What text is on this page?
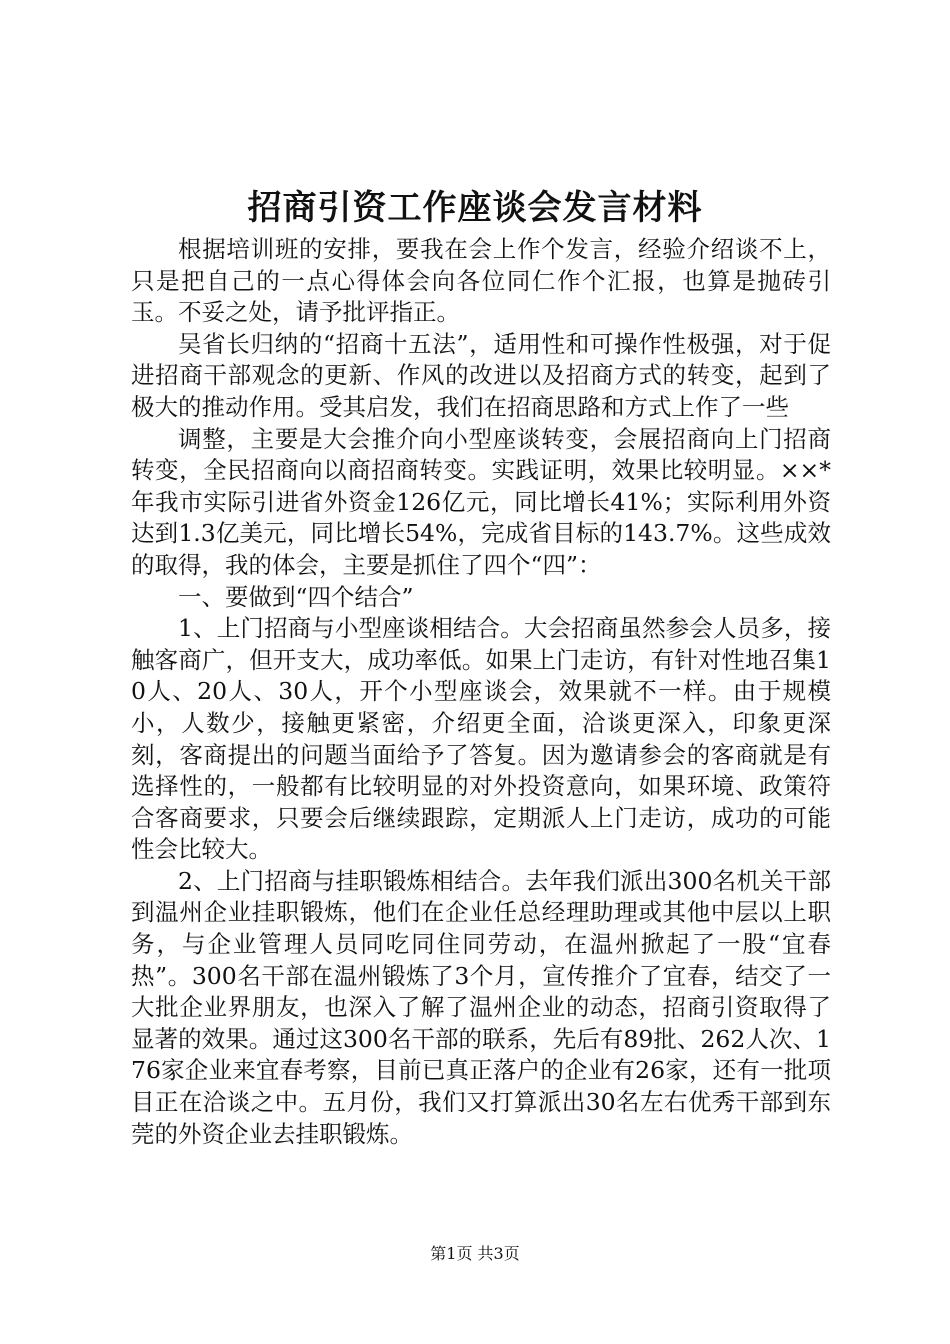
招商引资工作座谈会发言材料

根据培训班的安排，要我在会上作个发言，经验介绍谈不上，只是把自己的一点心得体会向各位同仁作个汇报，也算是抛砖引玉。不妥之处，请予批评指正。

吴省长归纳的“招商十五法”，适用性和可操作性极强，对于促进招商干部观念的更新、作风的改进以及招商方式的转变，起到了极大的推动作用。受其启发，我们在招商思路和方式上作了一些

调整，主要是大会推介向小型座谈转变，会展招商向上门招商转变，全民招商向以商招商转变。实践证明，效果比较明显。××*年我市实际引进省外资金126亿元，同比增长41%；实际利用外资达到1.3亿美元，同比增长54%，完成省目标的143.7%。这些成效的取得，我的体会，主要是抓住了四个“四”：

一、要做到“四个结合”

1、上门招商与小型座谈相结合。大会招商虽然参会人员多，接触客商广，但开支大，成功率低。如果上门走访，有针对性地召集10人、20人、30人，开个小型座谈会，效果就不一样。由于规模小，人数少，接触更紧密，介绍更全面，洽谈更深入，印象更深刻，客商提出的问题当面给予了答复。因为邀请参会的客商就是有选择性的，一般都有比较明显的对外投资意向，如果环境、政策符合客商要求，只要会后继续跟踪，定期派人上门走访，成功的可能性会比较大。

2、上门招商与挂职锻炼相结合。去年我们派出300名机关干部到温州企业挂职锻炼，他们在企业任总经理助理或其他中层以上职务，与企业管理人员同吃同住同劳动，在温州掀起了一股“宜春热”。300名干部在温州锻炼了3个月，宣传推介了宜春，结交了一大批企业界朋友，也深入了解了温州企业的动态，招商引资取得了显著的效果。通过这300名干部的联系，先后有89批、262人次、176家企业来宜春考察，目前已真正落户的企业有26家，还有一批项目正在洽谈之中。五月份，我们又打算派出30名左右优秀干部到东莞的外资企业去挂职锻炼。

第1页 共3页
